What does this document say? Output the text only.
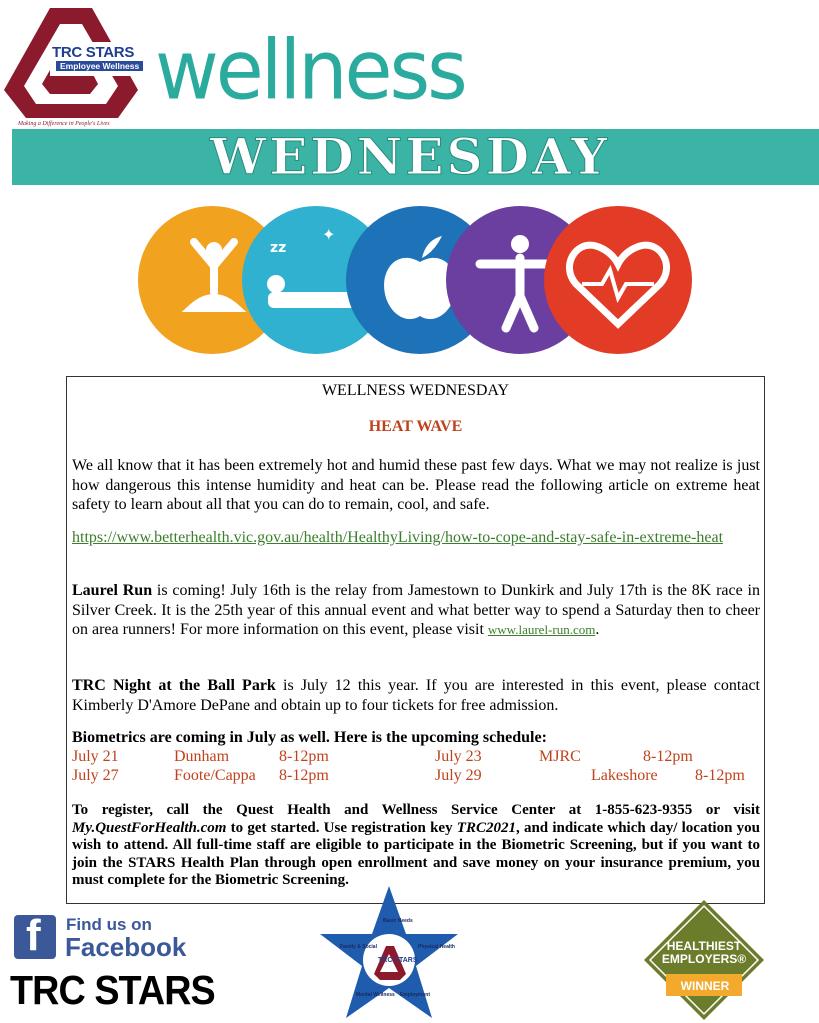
TRC STARS
Employee Wellness
Making a Difference in People's Lives
wellness
WEDNESDAY
zz
✦
WELLNESS WEDNESDAY
HEAT WAVE
We all know that it has been extremely hot and humid these past few days. What we may not realize is just how dangerous this intense humidity and heat can be. Please read the following article on extreme heat safety to learn about all that you can do to remain, cool, and safe.
https://www.betterhealth.vic.gov.au/health/HealthyLiving/how-to-cope-and-stay-safe-in-extreme-heat
Laurel Run is coming! July 16th is the relay from Jamestown to Dunkirk and July 17th is the 8K race in Silver Creek. It is the 25th year of this annual event and what better way to spend a Saturday then to cheer on area runners! For more information on this event, please visit www.laurel-run.com.
TRC Night at the Ball Park is July 12 this year. If you are interested in this event, please contact Kimberly D'Amore DePane and obtain up to four tickets for free admission.
Biometrics are coming in July as well. Here is the upcoming schedule:
July 21	Dunham	8-12pm	July 23	MJRC	8-12pm
July 27	Foote/Cappa 8-12pm	July 29	Lakeshore 8-12pm
To register, call the Quest Health and Wellness Service Center at 1-855-623-9355 or visit My.QuestForHealth.com to get started. Use registration key TRC2021, and indicate which day/ location you wish to attend. All full-time staff are eligible to participate in the Biometric Screening, but if you want to join the STARS Health Plan through open enrollment and save money on your insurance premium, you must complete for the Biometric Screening.
f Find us on
Facebook
TRC STARS
TRC STARS
Basic Needs
Physical Health
Employment
Mental Wellness
Family & Social	HEALTHIEST
EMPLOYERS®
WINNER
